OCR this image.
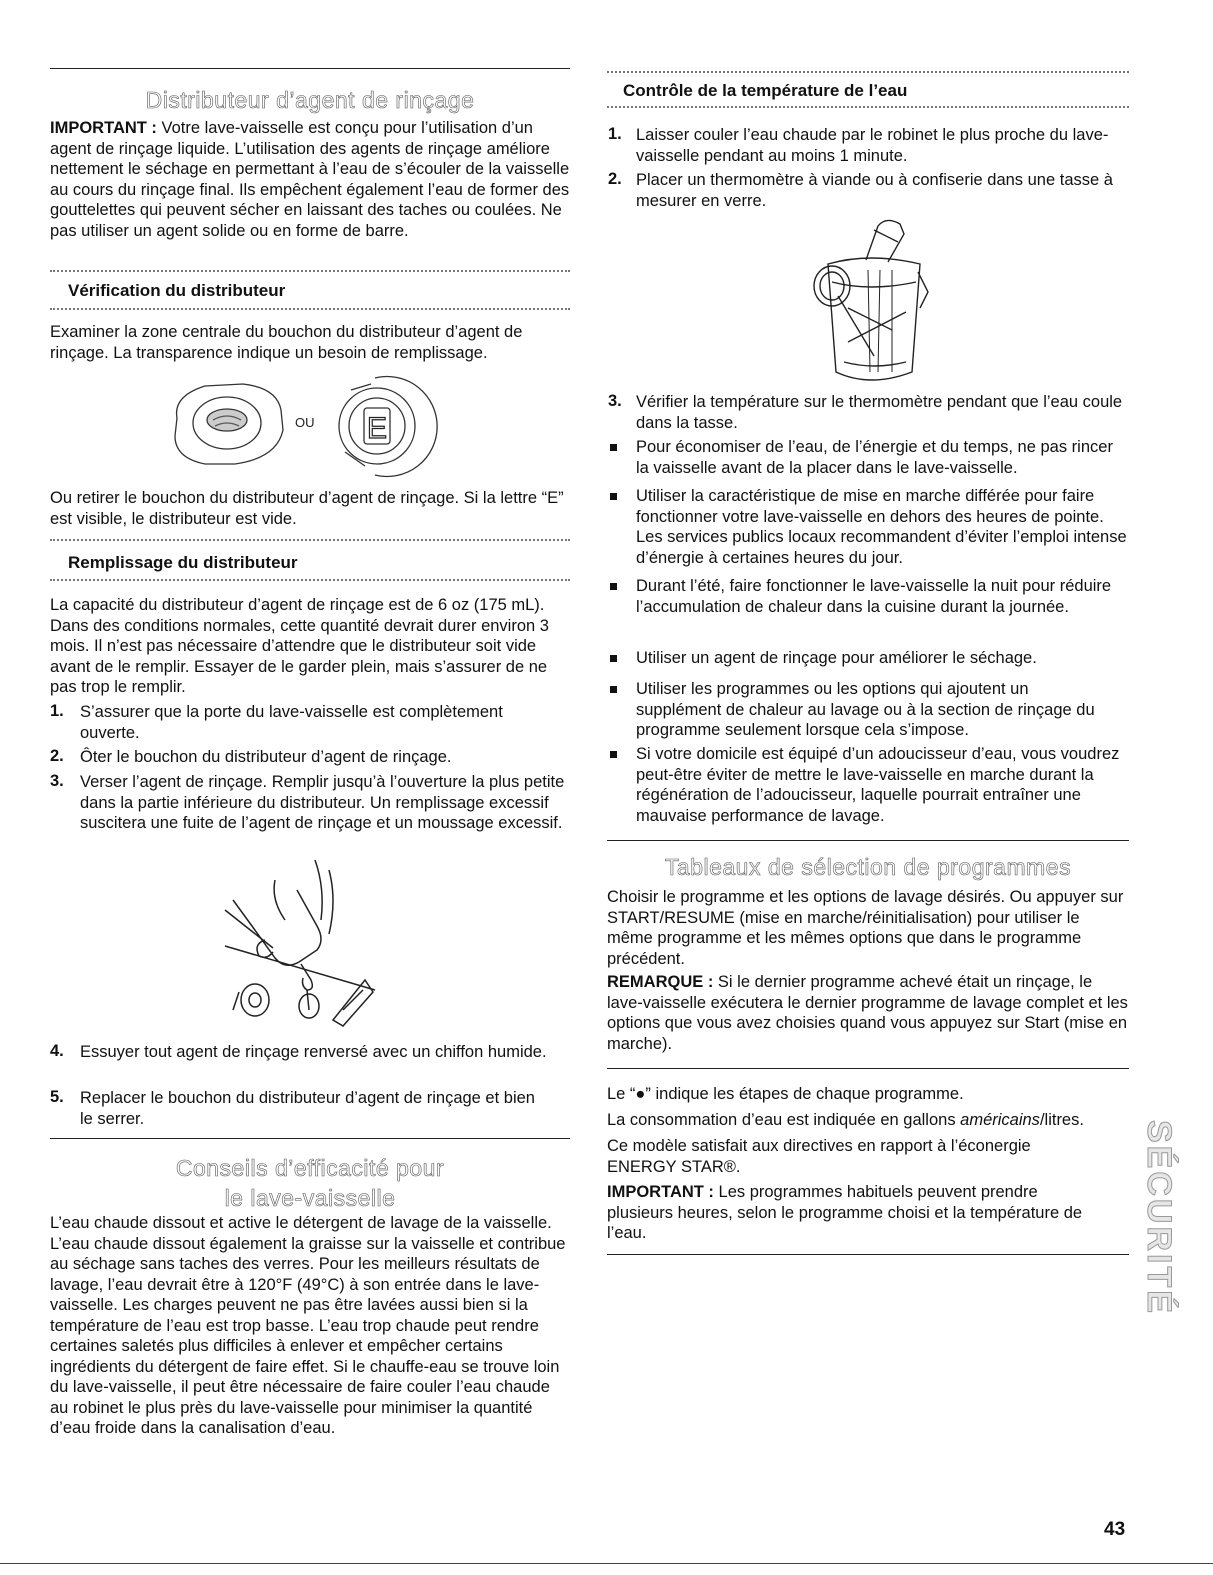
Distributeur d’agent de rinçage

IMPORTANT : Votre lave-vaisselle est conçu pour l’utilisation d’un agent de rinçage liquide. L’utilisation des agents de rinçage améliore nettement le séchage en permettant à l’eau de s’écouler de la vaisselle au cours du rinçage final. Ils empêchent également l’eau de former des gouttelettes qui peuvent sécher en laissant des taches ou coulées. Ne pas utiliser un agent solide ou en forme de barre.

Vérification du distributeur

Examiner la zone centrale du bouchon du distributeur d’agent de rinçage. La transparence indique un besoin de remplissage.

OU E

Ou retirer le bouchon du distributeur d’agent de rinçage. Si la lettre “E” est visible, le distributeur est vide.

Remplissage du distributeur

La capacité du distributeur d’agent de rinçage est de 6 oz (175 mL). Dans des conditions normales, cette quantité devrait durer environ 3 mois. Il n’est pas nécessaire d’attendre que le distributeur soit vide avant de le remplir. Essayer de le garder plein, mais s’assurer de ne pas trop le remplir.

1. S’assurer que la porte du lave-vaisselle est complètement ouverte.
2. Ôter le bouchon du distributeur d’agent de rinçage.
3. Verser l’agent de rinçage. Remplir jusqu’à l’ouverture la plus petite dans la partie inférieure du distributeur. Un remplissage excessif suscitera une fuite de l’agent de rinçage et un moussage excessif.
4. Essuyer tout agent de rinçage renversé avec un chiffon humide.
5. Replacer le bouchon du distributeur d’agent de rinçage et bien le serrer.
Conseils d’efficacité pour
le lave-vaisselle

L’eau chaude dissout et active le détergent de lavage de la vaisselle. L’eau chaude dissout également la graisse sur la vaisselle et contribue au séchage sans taches des verres. Pour les meilleurs résultats de lavage, l’eau devrait être à 120°F (49°C) à son entrée dans le lave-vaisselle. Les charges peuvent ne pas être lavées aussi bien si la température de l’eau est trop basse. L’eau trop chaude peut rendre certaines saletés plus difficiles à enlever et empêcher certains ingrédients du détergent de faire effet. Si le chauffe-eau se trouve loin du lave-vaisselle, il peut être nécessaire de faire couler l’eau chaude au robinet le plus près du lave-vaisselle pour minimiser la quantité d’eau froide dans la canalisation d’eau.

Contrôle de la température de l’eau
1. Laisser couler l’eau chaude par le robinet le plus proche du lave-vaisselle pendant au moins 1 minute.
2. Placer un thermomètre à viande ou à confiserie dans une tasse à mesurer en verre.
3. Vérifier la température sur le thermomètre pendant que l’eau coule dans la tasse.
Pour économiser de l’eau, de l’énergie et du temps, ne pas rincer la vaisselle avant de la placer dans le lave-vaisselle.
Utiliser la caractéristique de mise en marche différée pour faire fonctionner votre lave-vaisselle en dehors des heures de pointe. Les services publics locaux recommandent d’éviter l’emploi intense d’énergie à certaines heures du jour.
Durant l’été, faire fonctionner le lave-vaisselle la nuit pour réduire l’accumulation de chaleur dans la cuisine durant la journée.
Utiliser un agent de rinçage pour améliorer le séchage.
Utiliser les programmes ou les options qui ajoutent un supplément de chaleur au lavage ou à la section de rinçage du programme seulement lorsque cela s’impose.
Si votre domicile est équipé d’un adoucisseur d’eau, vous voudrez peut-être éviter de mettre le lave-vaisselle en marche durant la régénération de l’adoucisseur, laquelle pourrait entraîner une mauvaise performance de lavage.
Tableaux de sélection de programmes

Choisir le programme et les options de lavage désirés. Ou appuyer sur START/RESUME (mise en marche/réinitialisation) pour utiliser le même programme et les mêmes options que dans le programme précédent.

REMARQUE : Si le dernier programme achevé était un rinçage, le lave-vaisselle exécutera le dernier programme de lavage complet et les options que vous avez choisies quand vous appuyez sur Start (mise en marche).

Le “●” indique les étapes de chaque programme.

La consommation d’eau est indiquée en gallons américains/litres.

Ce modèle satisfait aux directives en rapport à l’éconergie ENERGY STAR®.

IMPORTANT : Les programmes habituels peuvent prendre plusieurs heures, selon le programme choisi et la température de l’eau.	SÉCURITÉ
43
